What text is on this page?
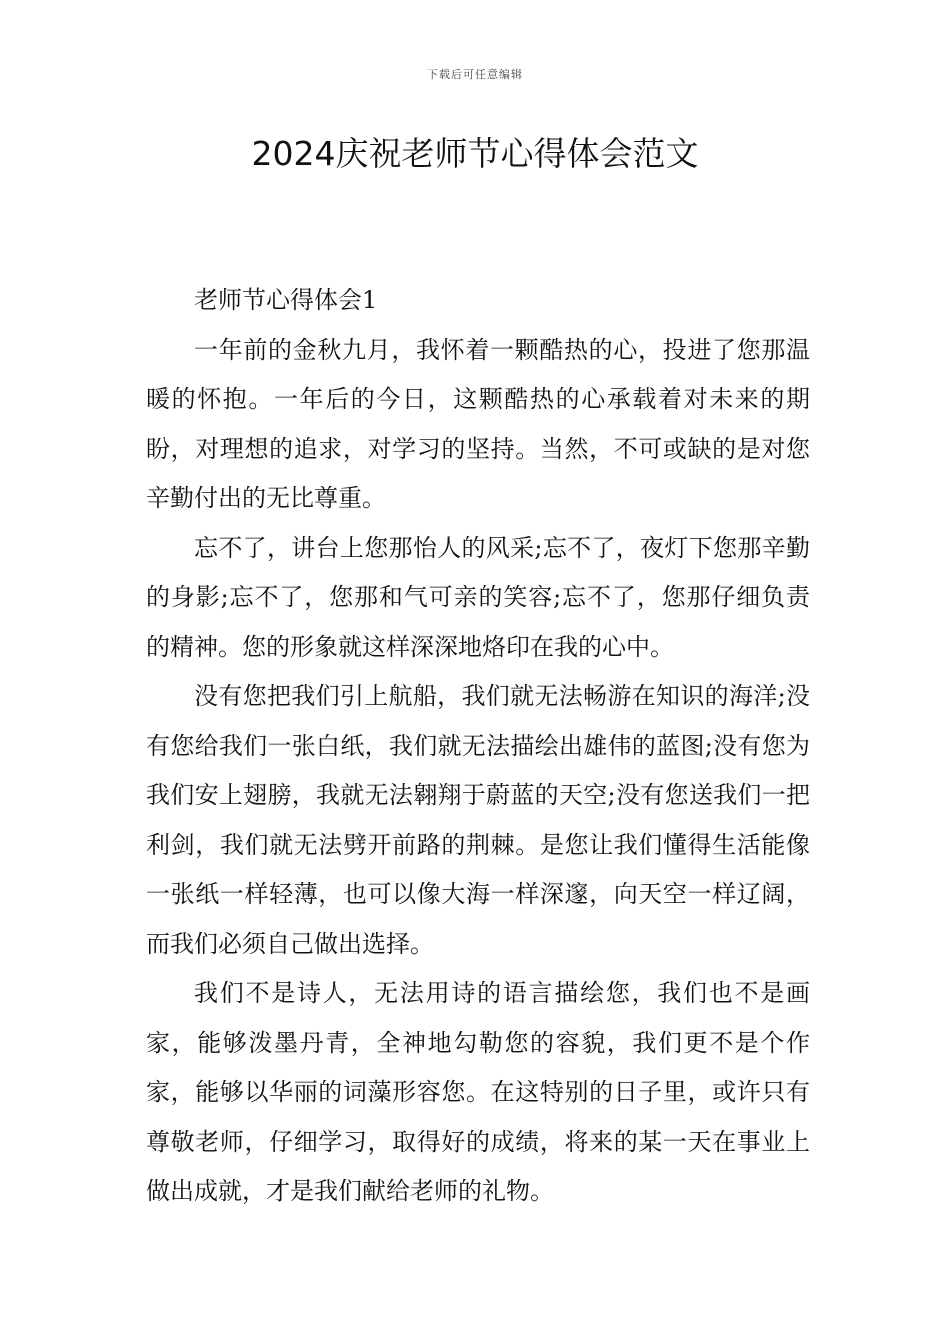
下载后可任意编辑
2024庆祝老师节心得体会范文

老师节心得体会1

一年前的金秋九月，我怀着一颗酷热的心，投进了您那温暖的怀抱。一年后的今日，这颗酷热的心承载着对未来的期盼，对理想的追求，对学习的坚持。当然，不可或缺的是对您辛勤付出的无比尊重。

忘不了，讲台上您那怡人的风采;忘不了，夜灯下您那辛勤的身影;忘不了，您那和气可亲的笑容;忘不了，您那仔细负责的精神。您的形象就这样深深地烙印在我的心中。

没有您把我们引上航船，我们就无法畅游在知识的海洋;没有您给我们一张白纸，我们就无法描绘出雄伟的蓝图;没有您为我们安上翅膀，我就无法翱翔于蔚蓝的天空;没有您送我们一把利剑，我们就无法劈开前路的荆棘。是您让我们懂得生活能像一张纸一样轻薄，也可以像大海一样深邃，向天空一样辽阔，而我们必须自己做出选择。

我们不是诗人，无法用诗的语言描绘您，我们也不是画家，能够泼墨丹青，全神地勾勒您的容貌，我们更不是个作家，能够以华丽的词藻形容您。在这特别的日子里，或许只有尊敬老师，仔细学习，取得好的成绩，将来的某一天在事业上做出成就，才是我们献给老师的礼物。
